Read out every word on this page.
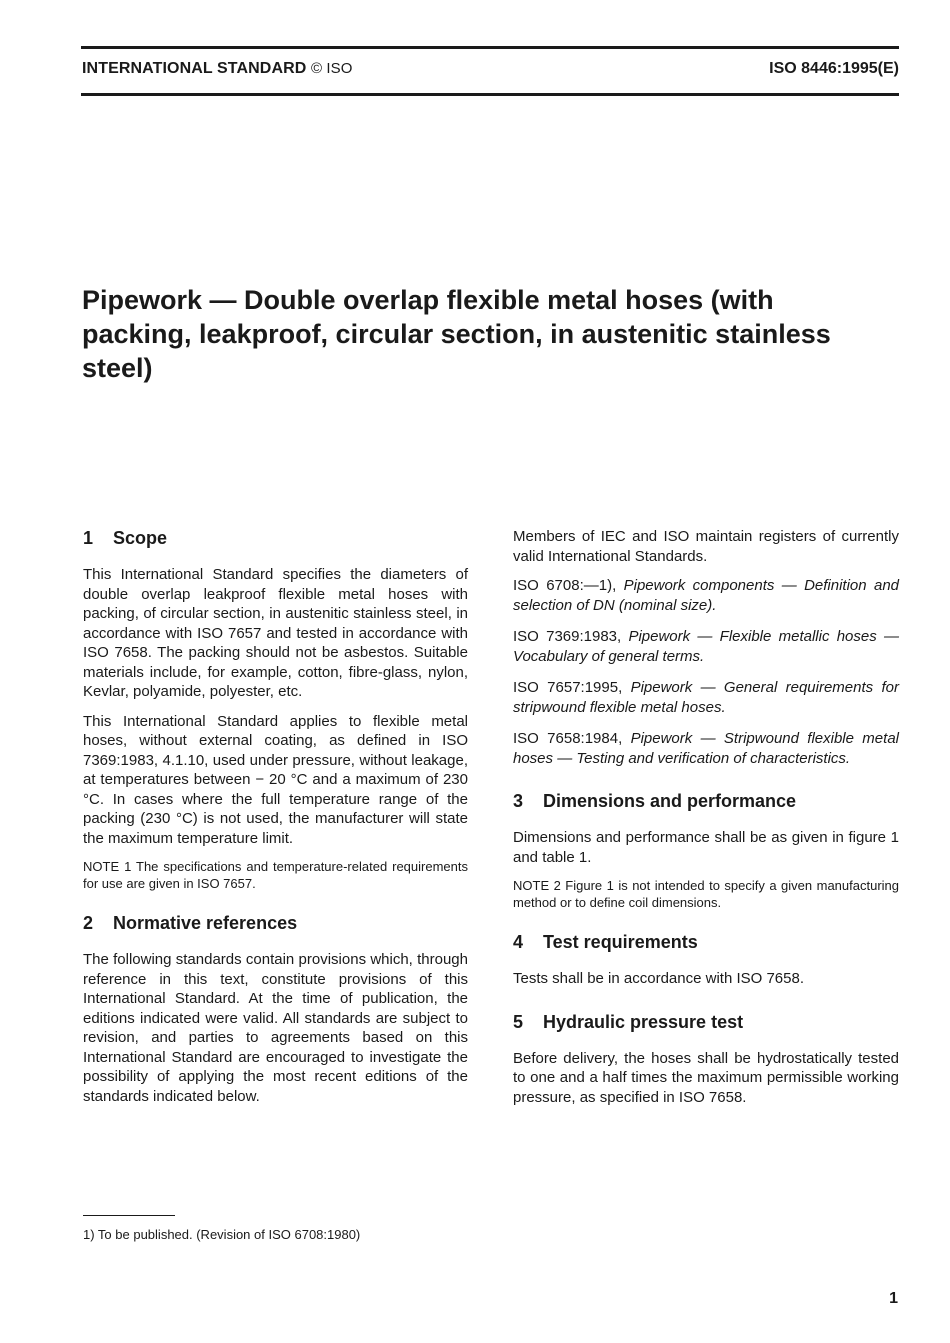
INTERNATIONAL STANDARD © ISO	ISO 8446:1995(E)
Pipework — Double overlap flexible metal hoses (with packing, leakproof, circular section, in austenitic stainless steel)
1 Scope

This International Standard specifies the diameters of double overlap leakproof flexible metal hoses with packing, of circular section, in austenitic stainless steel, in accordance with ISO 7657 and tested in accordance with ISO 7658. The packing should not be asbestos. Suitable materials include, for example, cotton, fibre-glass, nylon, Kevlar, polyamide, polyester, etc.

This International Standard applies to flexible metal hoses, without external coating, as defined in ISO 7369:1983, 4.1.10, used under pressure, without leakage, at temperatures between − 20 °C and a maximum of 230 °C. In cases where the full temperature range of the packing (230 °C) is not used, the manufacturer will state the maximum temperature limit.

NOTE 1 The specifications and temperature-related requirements for use are given in ISO 7657.

2 Normative references

The following standards contain provisions which, through reference in this text, constitute provisions of this International Standard. At the time of publication, the editions indicated were valid. All standards are subject to revision, and parties to agreements based on this International Standard are encouraged to investigate the possibility of applying the most recent editions of the standards indicated below.

Members of IEC and ISO maintain registers of currently valid International Standards.

ISO 6708:—1), Pipework components — Definition and selection of DN (nominal size).

ISO 7369:1983, Pipework — Flexible metallic hoses — Vocabulary of general terms.

ISO 7657:1995, Pipework — General requirements for stripwound flexible metal hoses.

ISO 7658:1984, Pipework — Stripwound flexible metal hoses — Testing and verification of characteristics.

3 Dimensions and performance

Dimensions and performance shall be as given in figure 1 and table 1.

NOTE 2 Figure 1 is not intended to specify a given manufacturing method or to define coil dimensions.

4 Test requirements

Tests shall be in accordance with ISO 7658.

5 Hydraulic pressure test

Before delivery, the hoses shall be hydrostatically tested to one and a half times the maximum permissible working pressure, as specified in ISO 7658.

1) To be published. (Revision of ISO 6708:1980)
1
